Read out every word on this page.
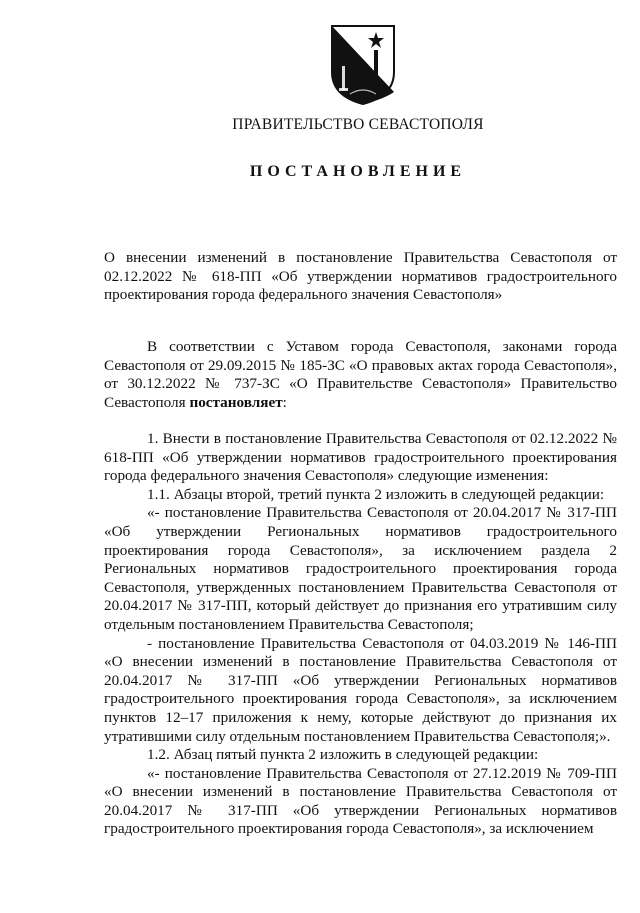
ПРАВИТЕЛЬСТВО СЕВАСТОПОЛЯ
ПОСТАНОВЛЕНИЕ

О внесении изменений в постановление Правительства Севастополя от 02.12.2022 № 618-ПП «Об утверждении нормативов градостроительного проектирования города федерального значения Севастополя»

В соответствии с Уставом города Севастополя, законами города Севастополя от 29.09.2015 № 185-ЗС «О правовых актах города Севастополя», от 30.12.2022 № 737-ЗС «О Правительстве Севастополя» Правительство Севастополя постановляет:

1. Внести в постановление Правительства Севастополя от 02.12.2022 № 618-ПП «Об утверждении нормативов градостроительного проектирования города федерального значения Севастополя» следующие изменения:

1.1. Абзацы второй, третий пункта 2 изложить в следующей редакции:

«- постановление Правительства Севастополя от 20.04.2017 № 317-ПП «Об утверждении Региональных нормативов градостроительного проектирования города Севастополя», за исключением раздела 2 Региональных нормативов градостроительного проектирования города Севастополя, утвержденных постановлением Правительства Севастополя от 20.04.2017 № 317-ПП, который действует до признания его утратившим силу отдельным постановлением Правительства Севастополя;

- постановление Правительства Севастополя от 04.03.2019 № 146-ПП «О внесении изменений в постановление Правительства Севастополя от 20.04.2017 № 317-ПП «Об утверждении Региональных нормативов градостроительного проектирования города Севастополя», за исключением пунктов 12–17 приложения к нему, которые действуют до признания их утратившими силу отдельным постановлением Правительства Севастополя;».

1.2. Абзац пятый пункта 2 изложить в следующей редакции:

«- постановление Правительства Севастополя от 27.12.2019 № 709-ПП «О внесении изменений в постановление Правительства Севастополя от 20.04.2017 № 317-ПП «Об утверждении Региональных нормативов градостроительного проектирования города Севастополя», за исключением
